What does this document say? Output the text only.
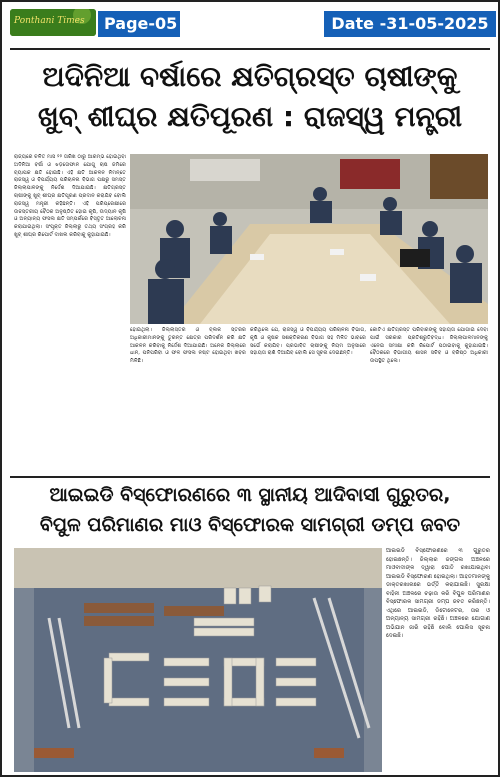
Ponthani Times	Page-05	Date -31-05-2025
ଅଦିନିଆ ବର୍ଷାରେ କ୍ଷତିଗ୍ରସ୍ତ ଚାଷୀଙ୍କୁ
ଖୁବ୍ ଶୀଘ୍ର କ୍ଷତିପୂରଣ : ରାଜସ୍ୱ ମନ୍ତ୍ରୀ
ରାଜ୍ୟରେ ଚଳିତ ମାସ ୨୨ ତାରିଖ ଠାରୁ ଆରମ୍ଭ ହୋଇଥିବା ଅଦିନିଆ ବର୍ଷା ଓ ଝଡ଼ତୋଫାନ ଯୋଗୁ ଚାଷ ଜମିରେ ବ୍ୟାପକ କ୍ଷତି ହୋଇଛି। ଏହି କ୍ଷତି ଆକଳନ ନିମନ୍ତେ ରାଜସ୍ୱ ଓ ବିପର୍ଯ୍ୟୟ ପରିଚାଳନା ବିଭାଗ ପକ୍ଷରୁ ସମସ୍ତ ଜିଲ୍ଲାପାଳଙ୍କୁ ନିର୍ଦ୍ଦେଶ ଦିଆଯାଇଛି। କ୍ଷତିଗ୍ରସ୍ତ ଚାଷୀଙ୍କୁ ଖୁବ୍ ଶୀଘ୍ର କ୍ଷତିପୂରଣ ପ୍ରଦାନ କରାଯିବ ବୋଲି ରାଜସ୍ୱ ମନ୍ତ୍ରୀ କହିଛନ୍ତି। ଏହି ପରିପ୍ରେକ୍ଷୀରେ ଉଚ୍ଚସ୍ତରୀୟ ବୈଠକ ଅନୁଷ୍ଠିତ ହୋଇ କୃଷି, ଉଦ୍ୟାନ କୃଷି ଓ ଅନ୍ୟାନ୍ୟ ଫସଲ କ୍ଷତି ସମ୍ପର୍କରେ ବିସ୍ତୃତ ଆଲୋଚନା କରାଯାଇଥିଲା। ସଂପୃକ୍ତ ଜିଲ୍ଲାରୁ ତଥ୍ୟ ସଂଗ୍ରହ କରି ଖୁବ୍ ଶୀଘ୍ର ରିପୋର୍ଟ ଦାଖଲ କରିବାକୁ କୁହାଯାଇଛି।
ହୋଇଥିଲା। ଜିଲ୍ଲାସ୍ତର ଓ ବ୍ଲକ ସ୍ତରର ଅଧିକାରୀମାନଙ୍କୁ ତୁରନ୍ତ କ୍ଷେତ୍ର ପରିଦର୍ଶନ କରି କ୍ଷତି ଆକଳନ କରିବାକୁ ନିର୍ଦ୍ଦେଶ ଦିଆଯାଇଛି। ଅନେକ ଜିଲ୍ଲାରେ ଧାନ, ପନିପରିବା ଓ ଫଳ ଫସଲ ନଷ୍ଟ ହୋଇଥିବା ଖବର ମିଳିଛି।
କରିଥିଲେ ଯେ, ରାଜସ୍ୱ ଓ ବିପର୍ଯ୍ୟୟ ପରିଚାଳନା ବିଭାଗ, କୃଷି ଓ କୃଷକ ସଶକ୍ତିକରଣ ବିଭାଗ ସହ ମିଳିତ ଭାବରେ ସର୍ଭେ କରାଯିବ। ପ୍ରଭାବିତ ଚାଷୀଙ୍କୁ ନିୟମ ଅନୁସାରେ ସହାୟତା ରାଶି ଦିଆଯିବ ବୋଲି ସେ ସୂଚନା ଦେଇଛନ୍ତି।
କୋଟିଏ କ୍ଷତିଗ୍ରସ୍ତ ପରିବାରଙ୍କୁ ସହାୟତା ଯୋଗାଇ ଦେବା ପାଇଁ ସରକାର ପ୍ରତିଶ୍ରୁତିବଦ୍ଧ। ଜିଲ୍ଲାପାଳମାନଙ୍କୁ ଏନେଇ ସମୀକ୍ଷା କରି ରିପୋର୍ଟ ପଠାଇବାକୁ କୁହାଯାଇଛି। ବୈଠକରେ ବିଭାଗୀୟ ଶାସନ ସଚିବ ଓ ବରିଷ୍ଠ ଅଧିକାରୀ ଉପସ୍ଥିତ ଥିଲେ।
ଆଇଇଡି ବିସ୍ଫୋରଣରେ ୩ ସ୍ଥାନୀୟ ଆଦିବାସୀ ଗୁରୁତର,
ବିପୁଳ ପରିମାଣର ମାଓ ବିସ୍ଫୋରକ ସାମଗ୍ରୀ ଡମ୍ପ ଜବତ
ଆଇଇଡି ବିସ୍ଫୋରଣରେ ୩ ଗୁରୁତର ହୋଇଛନ୍ତି। ଜିଲ୍ଲାର ଜଙ୍ଗଲ ଅଞ୍ଚଳରେ ମାଓବାଦୀଙ୍କ ଦ୍ୱାରା ପୋତି ରଖାଯାଇଥିବା ଆଇଇଡି ବିସ୍ଫୋରଣ ହୋଇଥିଲା। ଆହତମାନଙ୍କୁ ଡାକ୍ତରଖାନାରେ ଭର୍ତ୍ତି କରାଯାଇଛି। ସୁରକ୍ଷା ବାହିନୀ ଅଞ୍ଚଳରେ ଚଢ଼ାଉ କରି ବିପୁଳ ପରିମାଣର ବିସ୍ଫୋରକ ସାମଗ୍ରୀ ଡମ୍ପ ଜବତ କରିଛନ୍ତି। ଏଥିରେ ଆଇଇଡି, ଡିଟୋନେଟର, ତାର ଓ ଅନ୍ୟାନ୍ୟ ସାମଗ୍ରୀ ରହିଛି। ଅଞ୍ଚଳରେ ଯୋଗାଣ ଅଭିଯାନ ଜାରି ରହିଛି ବୋଲି ପୋଲିସ ସୂଚନା ଦେଇଛି।
